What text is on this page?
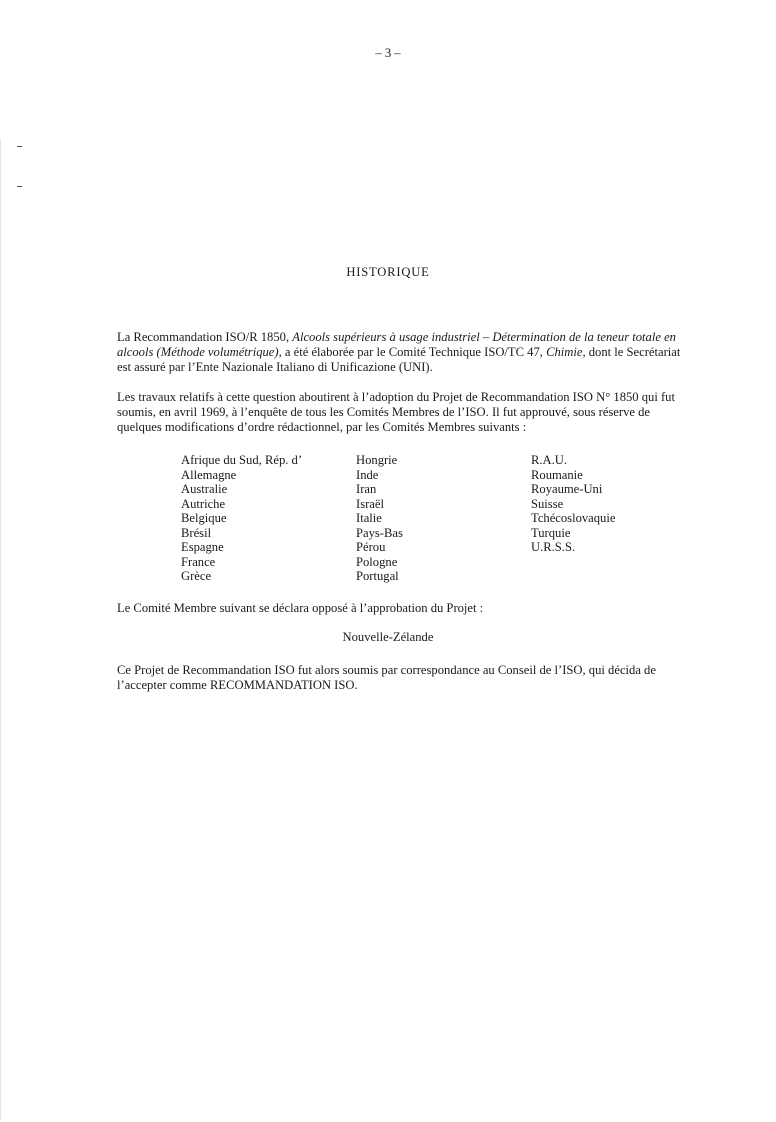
– 3 –
HISTORIQUE

La Recommandation ISO/R 1850, Alcools supérieurs à usage industriel – Détermination de la teneur totale en alcools (Méthode volumétrique), a été élaborée par le Comité Technique ISO/TC 47, Chimie, dont le Secrétariat est assuré par l’Ente Nazionale Italiano di Unificazione (UNI).

Les travaux relatifs à cette question aboutirent à l’adoption du Projet de Recommandation ISO N° 1850 qui fut soumis, en avril 1969, à l’enquête de tous les Comités Membres de l’ISO. Il fut approuvé, sous réserve de quelques modifications d’ordre rédactionnel, par les Comités Membres suivants :

Afrique du Sud, Rép. d’
Allemagne
Australie
Autriche
Belgique
Brésil
Espagne
France
Grèce
Hongrie
Inde
Iran
Israël
Italie
Pays-Bas
Pérou
Pologne
Portugal
R.A.U.
Roumanie
Royaume-Uni
Suisse
Tchécoslovaquie
Turquie
U.R.S.S.

Le Comité Membre suivant se déclara opposé à l’approbation du Projet :

Nouvelle-Zélande

Ce Projet de Recommandation ISO fut alors soumis par correspondance au Conseil de l’ISO, qui décida de l’accepter comme RECOMMANDATION ISO.
